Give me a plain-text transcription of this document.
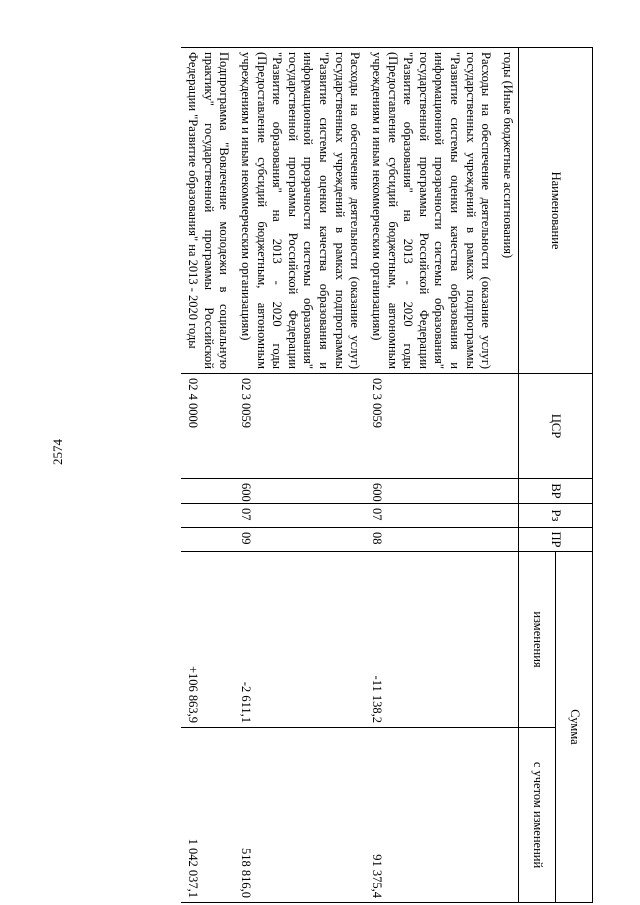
2574
Наименование	ЦСР	ВР	Рз	ПР	Сумма	
					изменения	с учетом изменений
годы (Иные бюджетные ассигнования)						
Расходы на обеспечение деятельности (оказание услуг) государственных учреждений в рамках подпрограммы "Развитие системы оценки качества образования и информационной прозрачности системы образования" государственной программы Российской Федерации "Развитие образования" на 2013 - 2020 годы (Предоставление субсидий бюджетным, автономным учреждениям и иным некоммерческим организациям)	02 3 0059	600	07	08	-11 138,2	91 375,4
Расходы на обеспечение деятельности (оказание услуг) государственных учреждений в рамках подпрограммы "Развитие системы оценки качества образования и информационной прозрачности системы образования" государственной программы Российской Федерации "Развитие образования" на 2013 - 2020 годы (Предоставление субсидий бюджетным, автономным учреждениям и иным некоммерческим организациям)	02 3 0059	600	07	09	-2 611,1	518 816,0
Подпрограмма "Вовлечение молодежи в социальную практику" государственной программы Российской Федерации "Развитие образования" на 2013 - 2020 годы	02 4 0000				+106 863,9	1 042 037,1
